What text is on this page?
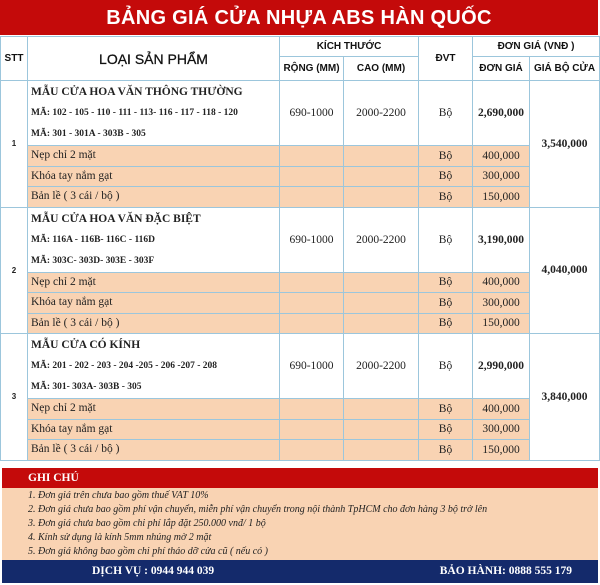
BẢNG GIÁ CỬA NHỰA ABS HÀN QUỐC
STT	LOẠI SẢN PHẨM	KÍCH THƯỚC		ĐVT	ĐƠN GIÁ (VNĐ )	
		RỘNG (MM)	CAO (MM)		ĐƠN GIÁ	GIÁ BỘ CỬA
1	MẪU CỬA HOA VĂN THÔNG THƯỜNG
MÃ: 102 - 105 - 110 - 111 - 113- 116 - 117 - 118 - 120
MÃ: 301 - 301A - 303B - 305	690-1000	2000-2200	Bộ	2,690,000	3,540,000
	Nẹp chỉ 2 mặt			Bộ	400,000	
	Khóa tay nắm gạt			Bộ	300,000	
	Bản lề ( 3 cái / bộ )			Bộ	150,000	
2	MẪU CỬA HOA VĂN ĐẶC BIỆT
MÃ: 116A - 116B- 116C - 116D
MÃ: 303C- 303D- 303E - 303F	690-1000	2000-2200	Bộ	3,190,000	4,040,000
	Nẹp chỉ 2 mặt			Bộ	400,000	
	Khóa tay nắm gạt			Bộ	300,000	
	Bản lề ( 3 cái / bộ )			Bộ	150,000	
3	MẪU CỬA CÓ KÍNH
MÃ: 201 - 202 - 203 - 204 -205 - 206 -207 - 208
MÃ: 301- 303A- 303B - 305	690-1000	2000-2200	Bộ	2,990,000	3,840,000
	Nẹp chỉ 2 mặt			Bộ	400,000	
	Khóa tay nắm gạt			Bộ	300,000	
	Bản lề ( 3 cái / bộ )			Bộ	150,000	
GHI CHÚ
1. Đơn giá trên chưa bao gồm thuế VAT 10%
2. Đơn giá chưa bao gồm phí vận chuyển, miễn phí vận chuyển trong nội thành TpHCM cho đơn hàng 3 bộ trở lên
3. Đơn giá chưa bao gồm chi phí lắp đặt 250.000 vnđ/ 1 bộ
4. Kính sử dụng là kính 5mm nhúng mờ 2 mặt
5. Đơn giá không bao gồm chi phí tháo dỡ cửa cũ ( nếu có )
DỊCH VỤ : 0944 944 039	BẢO HÀNH: 0888 555 179
